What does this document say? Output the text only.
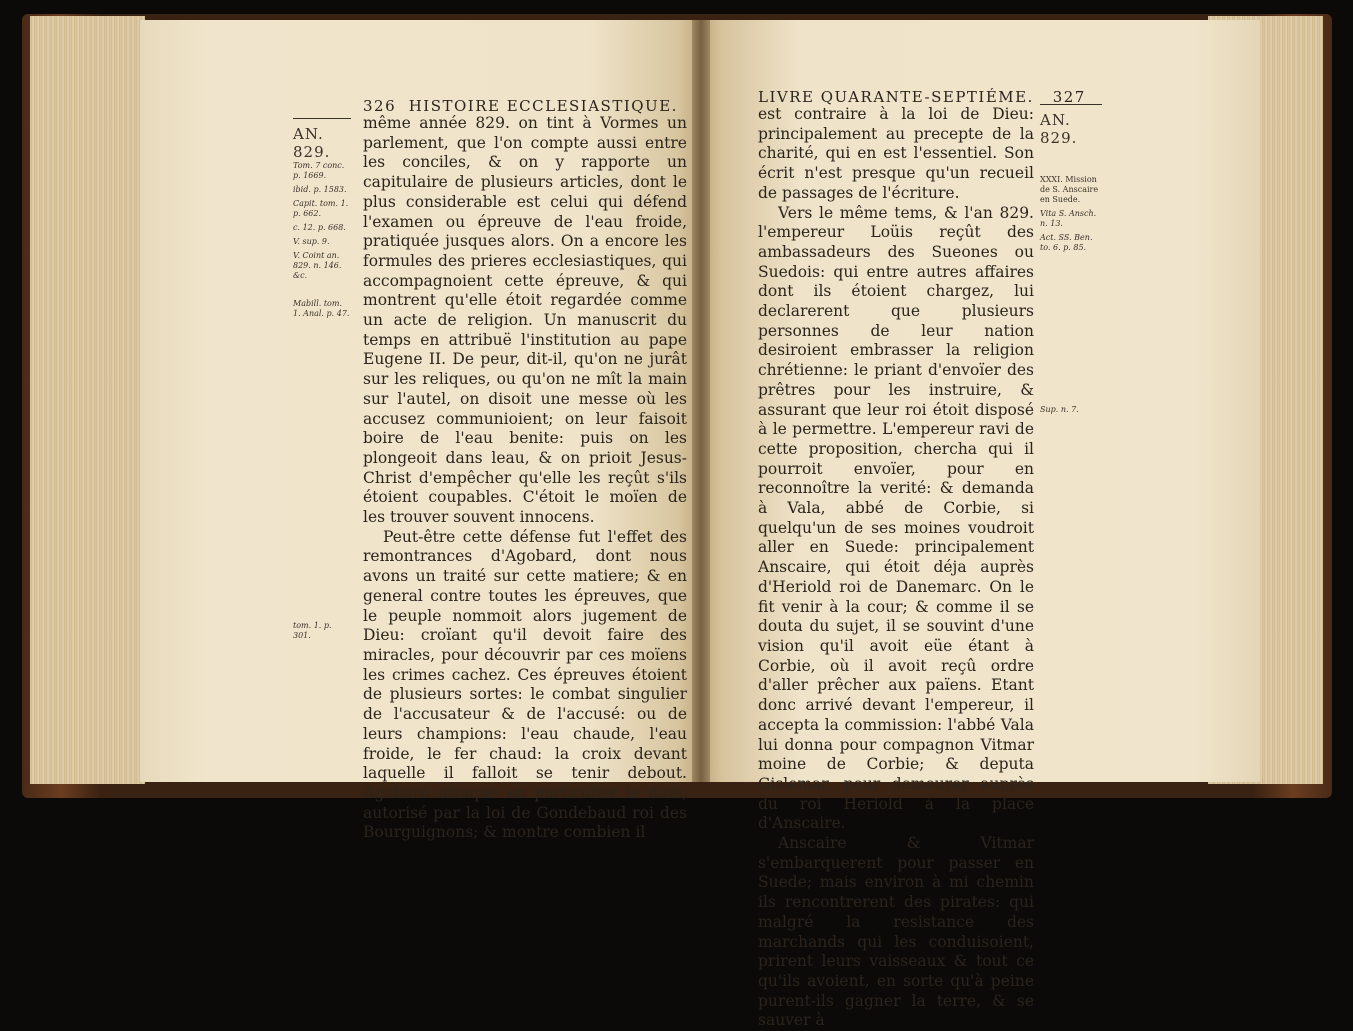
326 HISTOIRE ECCLESIASTIQUE.
AN. 829.

Tom. 7 conc. p. 1669.

ibid. p. 1583.

Capit. tom. 1. p. 662.

c. 12. p. 668.

V. sup. 9.

V. Coint an. 829. n. 146. &c.

Mabill. tom. 1. Anal. p. 47.

tom. 1. p. 301.

même année 829. on tint à Vormes un parlement, que l'on compte aussi entre les conciles, & on y rapporte un capitulaire de plusieurs articles, dont le plus considerable est celui qui défend l'examen ou épreuve de l'eau froide, pratiquée jusques alors. On a encore les formules des prieres ecclesiastiques, qui accompagnoient cette épreuve, & qui montrent qu'elle étoit regardée comme un acte de religion. Un manuscrit du temps en attribuë l'institution au pape Eugene II. De peur, dit-il, qu'on ne jurât sur les reliques, ou qu'on ne mît la main sur l'autel, on disoit une messe où les accusez communioient; on leur faisoit boire de l'eau benite: puis on les plongeoit dans leau, & on prioit Jesus-Christ d'empêcher qu'elle les reçût s'ils étoient coupables. C'étoit le moïen de les trouver souvent innocens.

Peut-être cette défense fut l'effet des remontrances d'Agobard, dont nous avons un traité sur cette matiere; & en general contre toutes les épreuves, que le peuple nommoit alors jugement de Dieu: croïant qu'il devoit faire des miracles, pour découvrir par ces moïens les crimes cachez. Ces épreuves étoient de plusieurs sortes: le combat singulier de l'accusateur & de l'accusé: ou de leurs champions: l'eau chaude, l'eau froide, le fer chaud: la croix devant laquelle il falloit se tenir debout. Agobard attaque en particulier le duel, autorisé par la loi de Gondebaud roi des Bourguignons; & montre combien il

LIVRE QUARANTE-SEPTIÉME. 327

est contraire à la loi de Dieu: principalement au precepte de la charité, qui en est l'essentiel. Son écrit n'est presque qu'un recueil de passages de l'écriture.

Vers le même tems, & l'an 829. l'empereur Loüis reçût des ambassadeurs des Sueones ou Suedois: qui entre autres affaires dont ils étoient chargez, lui declarerent que plusieurs personnes de leur nation desiroient embrasser la religion chrétienne: le priant d'envoïer des prêtres pour les instruire, & assurant que leur roi étoit disposé à le permettre. L'empereur ravi de cette proposition, chercha qui il pourroit envoïer, pour en reconnoître la verité: & demanda à Vala, abbé de Corbie, si quelqu'un de ses moines voudroit aller en Suede: principalement Anscaire, qui étoit déja auprès d'Heriold roi de Danemarc. On le fit venir à la cour; & comme il se douta du sujet, il se souvint d'une vision qu'il avoit eüe étant à Corbie, où il avoit reçû ordre d'aller prêcher aux païens. Etant donc arrivé devant l'empereur, il accepta la commission: l'abbé Vala lui donna pour compagnon Vitmar moine de Corbie; & deputa Gislemar, pour demeurer auprès du roi Heriold à la place d'Anscaire.

Anscaire & Vitmar s'embarquerent pour passer en Suede; mais environ à mi chemin ils rencontrerent des pirates: qui malgré la resistance des marchands qui les conduisoient, prirent leurs vaisseaux & tout ce qu'ils avoient, en sorte qu'à peine purent-ils gagner la terre, & se sauver à

AN. 829.

XXXI. Mission de S. Anscaire en Suede.

Vita S. Ansch. n. 13.

Act. SS. Ben. to. 6. p. 85.

Sup. n. 7.
